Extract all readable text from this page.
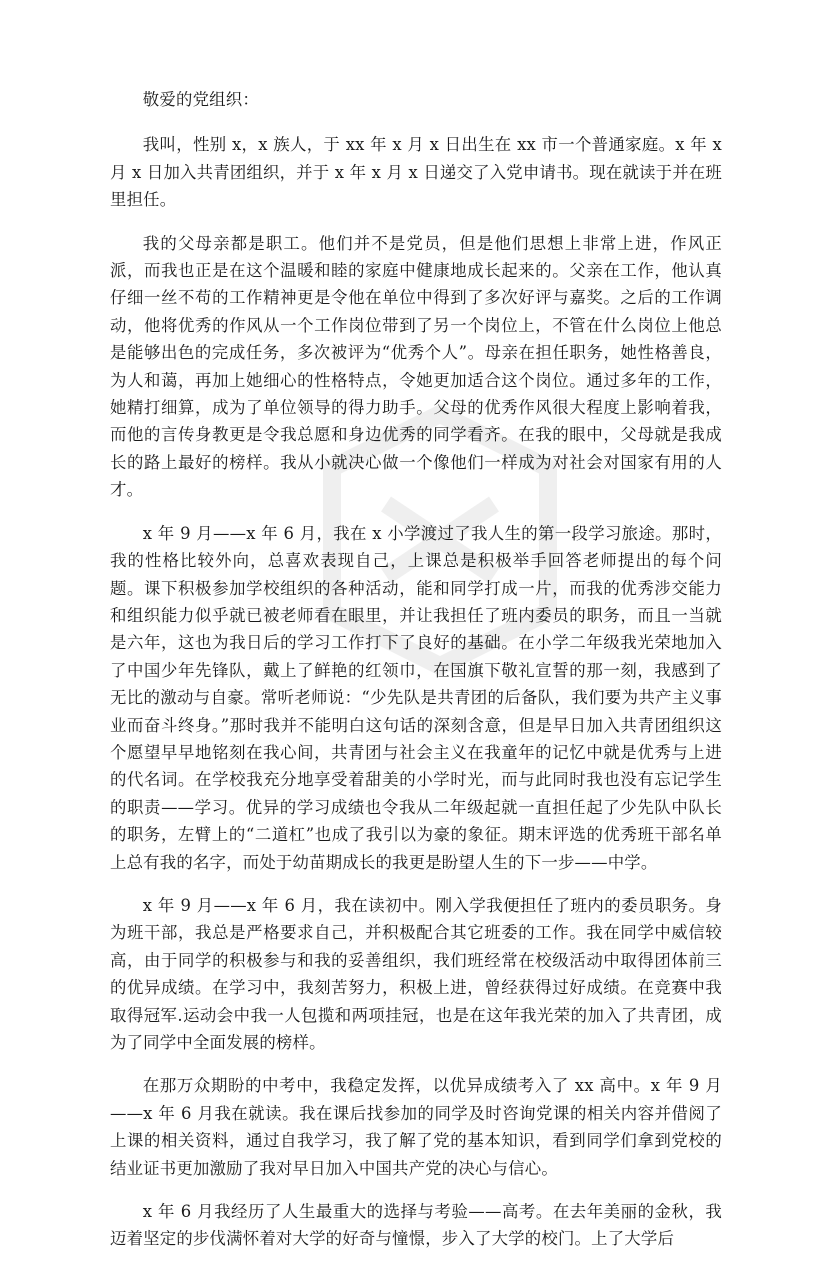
敬爱的党组织：

我叫，性别 x，x 族人，于 xx 年 x 月 x 日出生在 xx 市一个普通家庭。x 年 x 月 x 日加入共青团组织，并于 x 年 x 月 x 日递交了入党申请书。现在就读于并在班里担任。

我的父母亲都是职工。他们并不是党员，但是他们思想上非常上进，作风正派，而我也正是在这个温暖和睦的家庭中健康地成长起来的。父亲在工作，他认真仔细一丝不苟的工作精神更是令他在单位中得到了多次好评与嘉奖。之后的工作调动，他将优秀的作风从一个工作岗位带到了另一个岗位上，不管在什么岗位上他总是能够出色的完成任务，多次被评为“优秀个人”。母亲在担任职务，她性格善良，为人和蔼，再加上她细心的性格特点，令她更加适合这个岗位。通过多年的工作，她精打细算，成为了单位领导的得力助手。父母的优秀作风很大程度上影响着我，而他的言传身教更是令我总愿和身边优秀的同学看齐。在我的眼中，父母就是我成长的路上最好的榜样。我从小就决心做一个像他们一样成为对社会对国家有用的人才。

x 年 9 月——x 年 6 月，我在 x 小学渡过了我人生的第一段学习旅途。那时，我的性格比较外向，总喜欢表现自己，上课总是积极举手回答老师提出的每个问题。课下积极参加学校组织的各种活动，能和同学打成一片，而我的优秀涉交能力和组织能力似乎就已被老师看在眼里，并让我担任了班内委员的职务，而且一当就是六年，这也为我日后的学习工作打下了良好的基础。在小学二年级我光荣地加入了中国少年先锋队，戴上了鲜艳的红领巾，在国旗下敬礼宣誓的那一刻，我感到了无比的激动与自豪。常听老师说：“少先队是共青团的后备队，我们要为共产主义事业而奋斗终身。”那时我并不能明白这句话的深刻含意，但是早日加入共青团组织这个愿望早早地铭刻在我心间，共青团与社会主义在我童年的记忆中就是优秀与上进的代名词。在学校我充分地享受着甜美的小学时光，而与此同时我也没有忘记学生的职责——学习。优异的学习成绩也令我从二年级起就一直担任起了少先队中队长的职务，左臂上的“二道杠”也成了我引以为豪的象征。期末评选的优秀班干部名单上总有我的名字，而处于幼苗期成长的我更是盼望人生的下一步——中学。

x 年 9 月——x 年 6 月，我在读初中。刚入学我便担任了班内的委员职务。身为班干部，我总是严格要求自己，并积极配合其它班委的工作。我在同学中威信较高，由于同学的积极参与和我的妥善组织，我们班经常在校级活动中取得团体前三的优异成绩。在学习中，我刻苦努力，积极上进，曾经获得过好成绩。在竞赛中我取得冠军.运动会中我一人包揽和两项挂冠，也是在这年我光荣的加入了共青团，成为了同学中全面发展的榜样。

在那万众期盼的中考中，我稳定发挥，以优异成绩考入了 xx 高中。x 年 9 月——x 年 6 月我在就读。我在课后找参加的同学及时咨询党课的相关内容并借阅了上课的相关资料，通过自我学习，我了解了党的基本知识，看到同学们拿到党校的结业证书更加激励了我对早日加入中国共产党的决心与信心。

x 年 6 月我经历了人生最重大的选择与考验——高考。在去年美丽的金秋，我迈着坚定的步伐满怀着对大学的好奇与憧憬，步入了大学的校门。上了大学后
